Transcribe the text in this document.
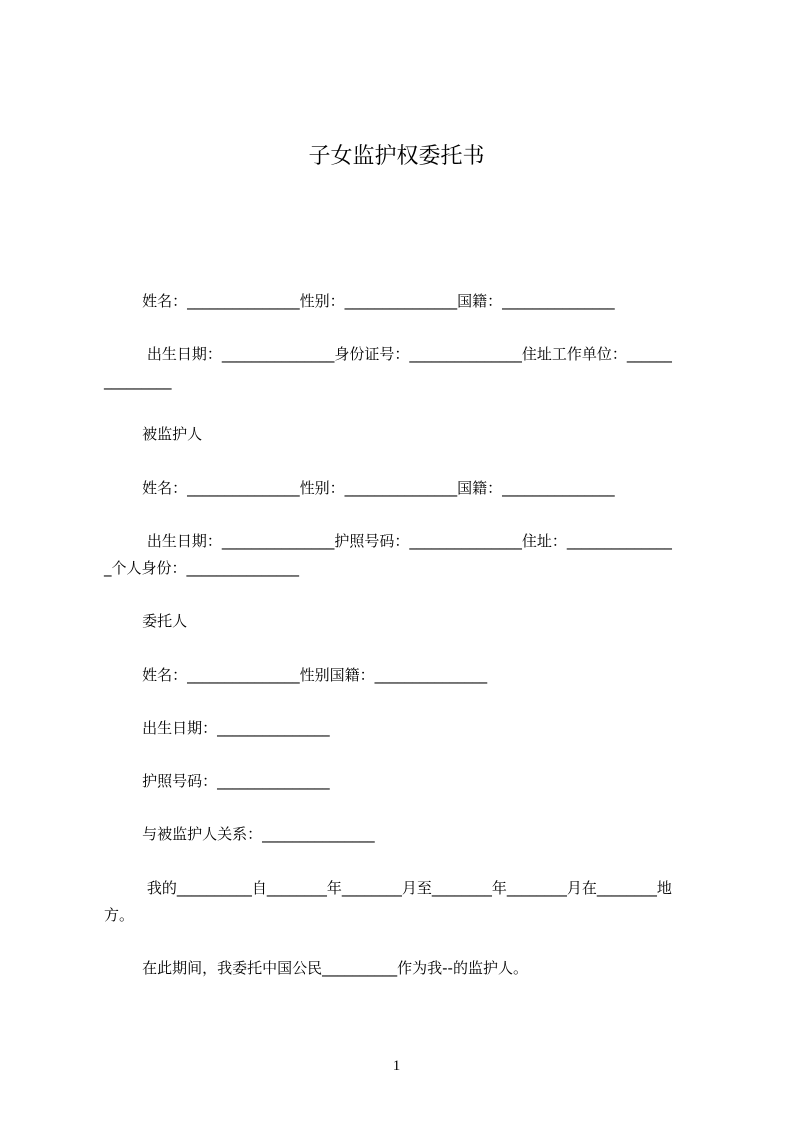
子女监护权委托书
姓名：_______________性别：_______________国籍：_______________
出生日期：_______________身份证号：_______________住址工作单位：______
_________
被监护人
姓名：_______________性别：_______________国籍：_______________
出生日期：_______________护照号码：_______________住址：______________
_个人身份：_______________
委托人
姓名：_______________性别国籍：_______________
出生日期：_______________
护照号码：_______________
与被监护人关系：_______________
我的__________自________年________月至________年________月在________地
方。
在此期间，我委托中国公民__________作为我--的监护人。
1
